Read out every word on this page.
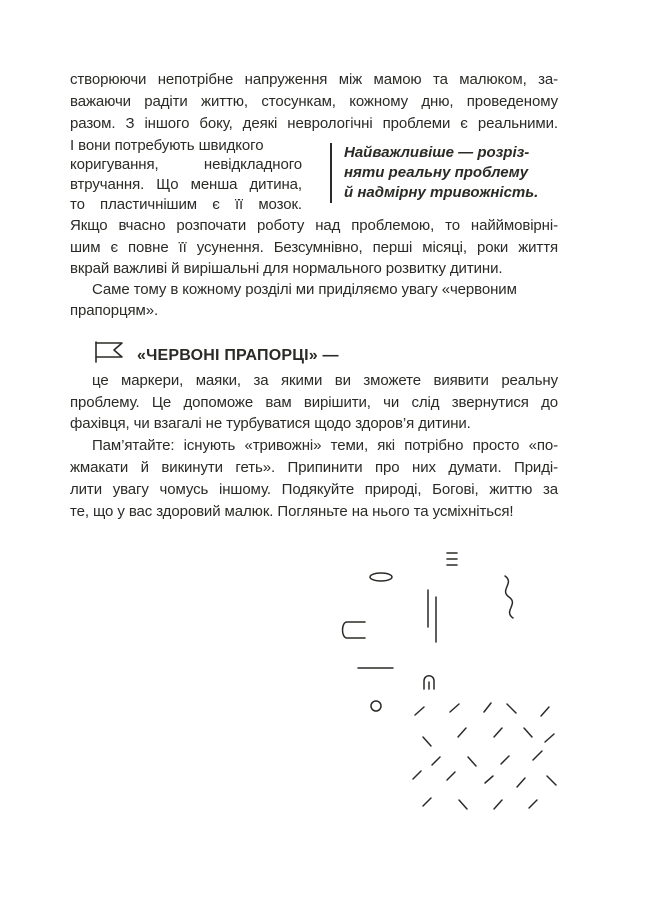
створюючи непотрібне напруження між мамою та малюком, за-
важаючи радіти життю, стосункам, кожному дню, проведеному
разом. З іншого боку, деякі неврологічні проблеми є реальними.
І вони потребують швидкого
коригування, невідкладного
втручання. Що менша дитина,
то пластичнішим є її мозок.
Якщо вчасно розпочати роботу над проблемою, то найймовірні-
шим є повне її усунення. Безсумнівно, перші місяці, роки життя
вкрай важливі й вирішальні для нормального розвитку дитини.
Саме тому в кожному розділі ми приділяємо увагу «червоним
прапорцям».
Найважливіше — розріз-
няти реальну проблему
й надмірну тривожність.
«ЧЕРВОНІ ПРАПОРЦІ» —
це маркери, маяки, за якими ви зможете виявити реальну
проблему. Це допоможе вам вирішити, чи слід звернутися до
фахівця, чи взагалі не турбуватися щодо здоров’я дитини.
Пам’ятайте: існують «тривожні» теми, які потрібно просто «по-
жмакати й викинути геть». Припинити про них думати. Приді-
лити увагу чомусь іншому. Подякуйте природі, Богові, життю за
те, що у вас здоровий малюк. Погляньте на нього та усміхніться!
